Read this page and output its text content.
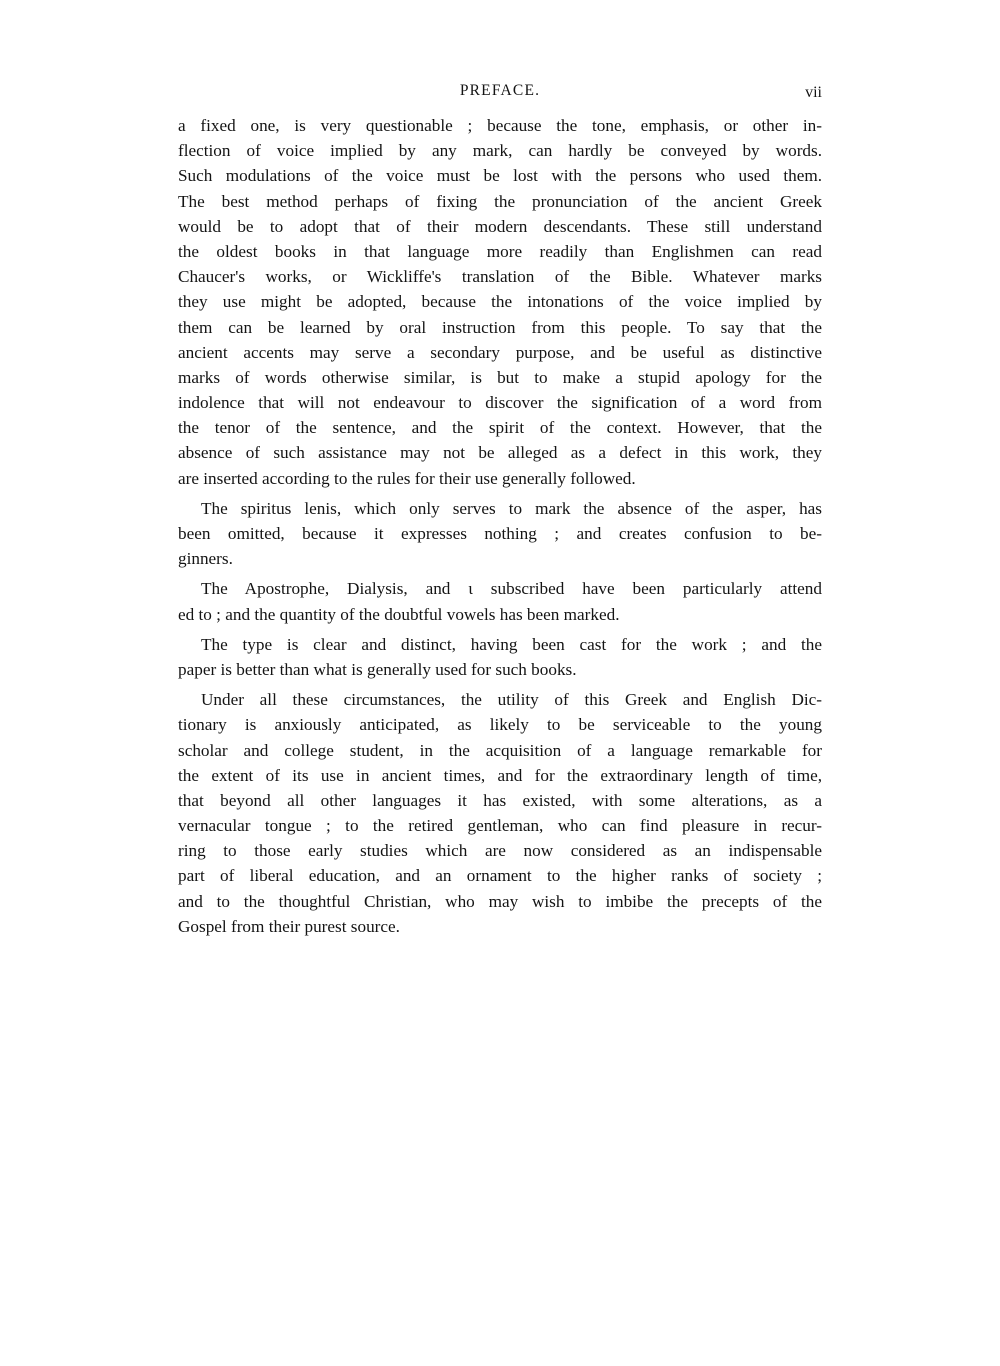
PREFACE.	vii
a fixed one, is very questionable ; because the tone, emphasis, or other in-
flection of voice implied by any mark, can hardly be conveyed by words.
Such modulations of the voice must be lost with the persons who used them.
The best method perhaps of fixing the pronunciation of the ancient Greek
would be to adopt that of their modern descendants. These still understand
the oldest books in that language more readily than Englishmen can read
Chaucer's works, or Wickliffe's translation of the Bible. Whatever marks
they use might be adopted, because the intonations of the voice implied by
them can be learned by oral instruction from this people. To say that the
ancient accents may serve a secondary purpose, and be useful as distinctive
marks of words otherwise similar, is but to make a stupid apology for the
indolence that will not endeavour to discover the signification of a word from
the tenor of the sentence, and the spirit of the context. However, that the
absence of such assistance may not be alleged as a defect in this work, they
are inserted according to the rules for their use generally followed.
The spiritus lenis, which only serves to mark the absence of the asper, has
been omitted, because it expresses nothing ; and creates confusion to be-
ginners.
The Apostrophe, Dialysis, and ι subscribed have been particularly attend
ed to ; and the quantity of the doubtful vowels has been marked.
The type is clear and distinct, having been cast for the work ; and the
paper is better than what is generally used for such books.
Under all these circumstances, the utility of this Greek and English Dic-
tionary is anxiously anticipated, as likely to be serviceable to the young
scholar and college student, in the acquisition of a language remarkable for
the extent of its use in ancient times, and for the extraordinary length of time,
that beyond all other languages it has existed, with some alterations, as a
vernacular tongue ; to the retired gentleman, who can find pleasure in recur-
ring to those early studies which are now considered as an indispensable
part of liberal education, and an ornament to the higher ranks of society ;
and to the thoughtful Christian, who may wish to imbibe the precepts of the
Gospel from their purest source.
